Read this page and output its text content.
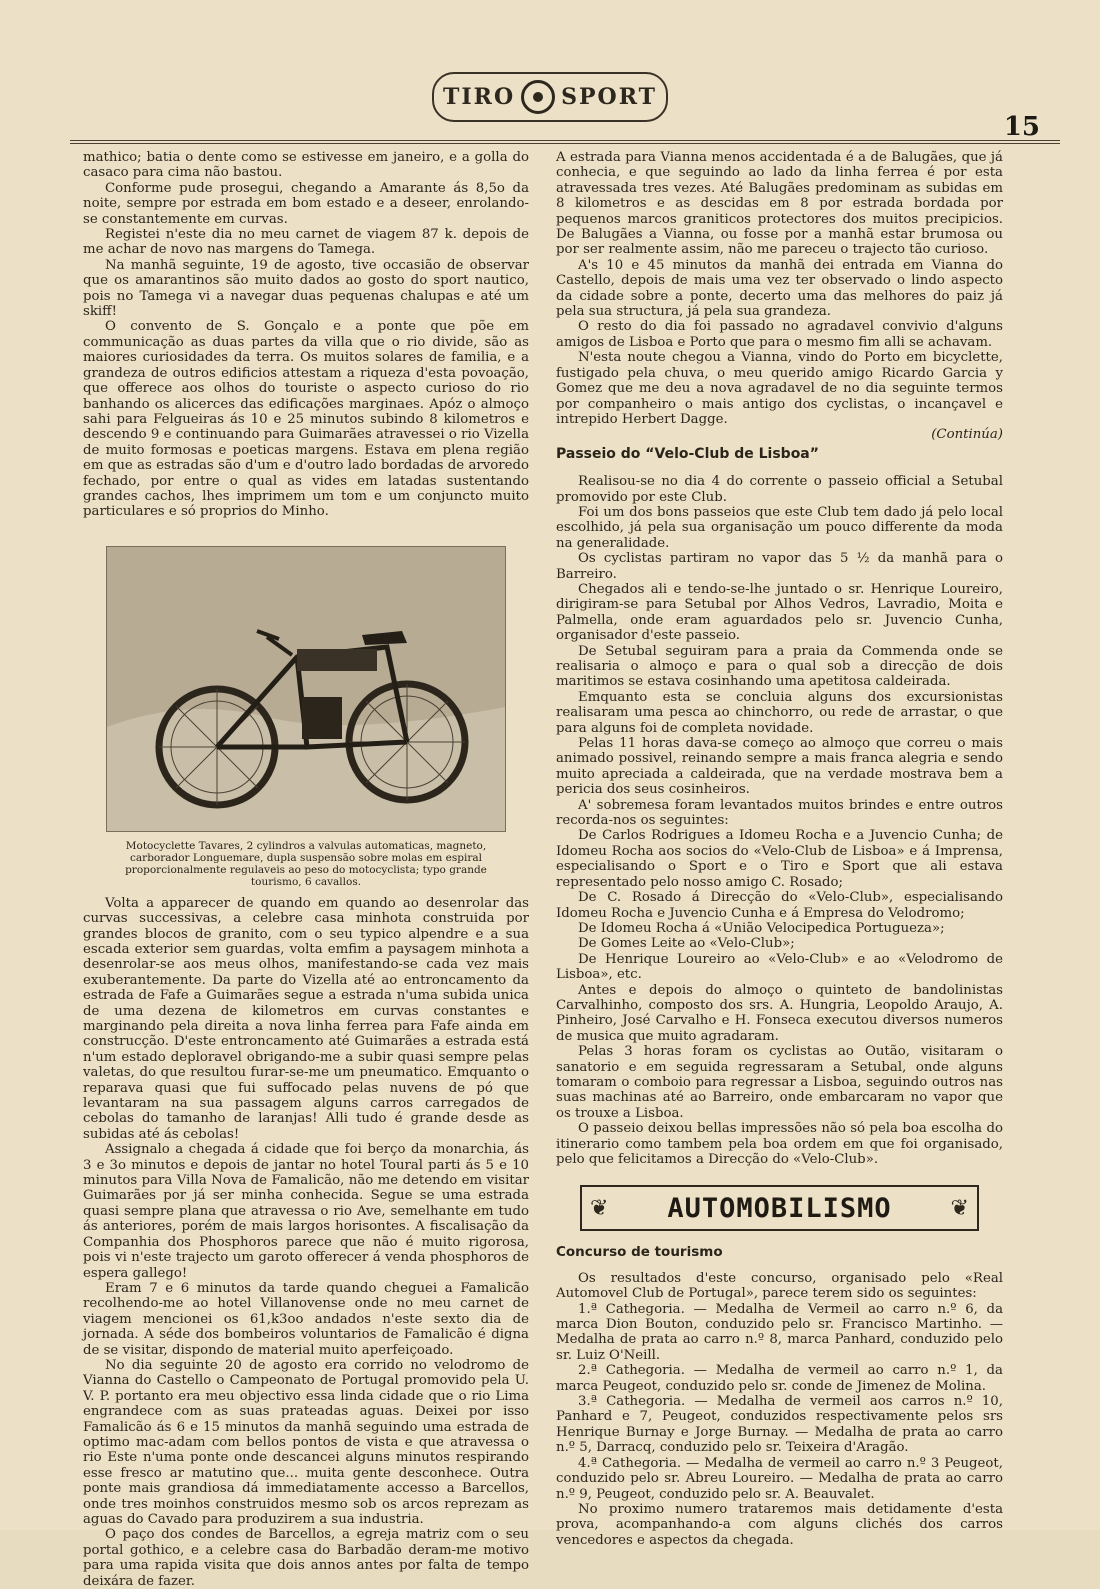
TIRO SPORT
15

mathico; batia o dente como se estivesse em janeiro, e a golla do casaco para cima não bastou.

Conforme pude prosegui, chegando a Amarante ás 8,5o da noite, sempre por estrada em bom estado e a deseer, enrolando-se constantemente em curvas.

Registei n'este dia no meu carnet de viagem 87 k. depois de me achar de novo nas margens do Tamega.

Na manhã seguinte, 19 de agosto, tive occasião de observar que os amarantinos são muito dados ao gosto do sport nautico, pois no Tamega vi a navegar duas pequenas chalupas e até um skiff!

O convento de S. Gonçalo e a ponte que põe em communicação as duas partes da villa que o rio divide, são as maiores curiosidades da terra. Os muitos solares de familia, e a grandeza de outros edificios attestam a riqueza d'esta povoação, que offerece aos olhos do touriste o aspecto curioso do rio banhando os alicerces das edificações marginaes. Apóz o almoço sahi para Felgueiras ás 10 e 25 minutos subindo 8 kilometros e descendo 9 e continuando para Guimarães atravessei o rio Vizella de muito formosas e poeticas margens. Estava em plena região em que as estradas são d'um e d'outro lado bordadas de arvoredo fechado, por entre o qual as vides em latadas sustentando grandes cachos, lhes imprimem um tom e um conjuncto muito particulares e só proprios do Minho.

Motocyclette Tavares, 2 cylindros a valvulas automaticas, magneto, carborador Longuemare, dupla suspensão sobre molas em espiral proporcionalmente regulaveis ao peso do motocyclista; typo grande tourismo, 6 cavallos.

Volta a apparecer de quando em quando ao desenrolar das curvas successivas, a celebre casa minhota construida por grandes blocos de granito, com o seu typico alpendre e a sua escada exterior sem guardas, volta emfim a paysagem minhota a desenrolar-se aos meus olhos, manifestando-se cada vez mais exuberantemente. Da parte do Vizella até ao entroncamento da estrada de Fafe a Guimarães segue a estrada n'uma subida unica de uma dezena de kilometros em curvas constantes e marginando pela direita a nova linha ferrea para Fafe ainda em construcção. D'este entroncamento até Guimarães a estrada está n'um estado deploravel obrigando-me a subir quasi sempre pelas valetas, do que resultou furar-se-me um pneumatico. Emquanto o reparava quasi que fui suffocado pelas nuvens de pó que levantaram na sua passagem alguns carros carregados de cebolas do tamanho de laranjas! Alli tudo é grande desde as subidas até ás cebolas!

Assignalo a chegada á cidade que foi berço da monarchia, ás 3 e 3o minutos e depois de jantar no hotel Toural parti ás 5 e 10 minutos para Villa Nova de Famalicão, não me detendo em visitar Guimarães por já ser minha conhecida. Segue se uma estrada quasi sempre plana que atravessa o rio Ave, semelhante em tudo ás anteriores, porém de mais largos horisontes. A fiscalisação da Companhia dos Phosphoros parece que não é muito rigorosa, pois vi n'este trajecto um garoto offerecer á venda phosphoros de espera gallego!

Eram 7 e 6 minutos da tarde quando cheguei a Famalicão recolhendo-me ao hotel Villanovense onde no meu carnet de viagem mencionei os 61,k3oo andados n'este sexto dia de jornada. A séde dos bombeiros voluntarios de Famalicão é digna de se visitar, dispondo de material muito aperfeiçoado.

No dia seguinte 20 de agosto era corrido no velodromo de Vianna do Castello o Campeonato de Portugal promovido pela U. V. P. portanto era meu objectivo essa linda cidade que o rio Lima engrandece com as suas prateadas aguas. Deixei por isso Famalicão ás 6 e 15 minutos da manhã seguindo uma estrada de optimo mac-adam com bellos pontos de vista e que atravessa o rio Este n'uma ponte onde descancei alguns minutos respirando esse fresco ar matutino que... muita gente desconhece. Outra ponte mais grandiosa dá immediatamente accesso a Barcellos, onde tres moinhos construidos mesmo sob os arcos reprezam as aguas do Cavado para produzirem a sua industria.

O paço dos condes de Barcellos, a egreja matriz com o seu portal gothico, e a celebre casa do Barbadão deram-me motivo para uma rapida visita que dois annos antes por falta de tempo deixára de fazer.

A estrada para Vianna menos accidentada é a de Balugães, que já conhecia, e que seguindo ao lado da linha ferrea é por esta atravessada tres vezes. Até Balugães predominam as subidas em 8 kilometros e as descidas em 8 por estrada bordada por pequenos marcos graniticos protectores dos muitos precipicios. De Balugães a Vianna, ou fosse por a manhã estar brumosa ou por ser realmente assim, não me pareceu o trajecto tão curioso.

A's 10 e 45 minutos da manhã dei entrada em Vianna do Castello, depois de mais uma vez ter observado o lindo aspecto da cidade sobre a ponte, decerto uma das melhores do paiz já pela sua structura, já pela sua grandeza.

O resto do dia foi passado no agradavel convivio d'alguns amigos de Lisboa e Porto que para o mesmo fim alli se achavam.

N'esta noute chegou a Vianna, vindo do Porto em bicyclette, fustigado pela chuva, o meu querido amigo Ricardo Garcia y Gomez que me deu a nova agradavel de no dia seguinte termos por companheiro o mais antigo dos cyclistas, o incançavel e intrepido Herbert Dagge.

(Continúa)

Passeio do “Velo-Club de Lisboa”

Realisou-se no dia 4 do corrente o passeio official a Setubal promovido por este Club.

Foi um dos bons passeios que este Club tem dado já pelo local escolhido, já pela sua organisação um pouco differente da moda na generalidade.

Os cyclistas partiram no vapor das 5 ½ da manhã para o Barreiro.

Chegados ali e tendo-se-lhe juntado o sr. Henrique Loureiro, dirigiram-se para Setubal por Alhos Vedros, Lavradio, Moita e Palmella, onde eram aguardados pelo sr. Juvencio Cunha, organisador d'este passeio.

De Setubal seguiram para a praia da Commenda onde se realisaria o almoço e para o qual sob a direcção de dois maritimos se estava cosinhando uma apetitosa caldeirada.

Emquanto esta se concluia alguns dos excursionistas realisaram uma pesca ao chinchorro, ou rede de arrastar, o que para alguns foi de completa novidade.

Pelas 11 horas dava-se começo ao almoço que correu o mais animado possivel, reinando sempre a mais franca alegria e sendo muito apreciada a caldeirada, que na verdade mostrava bem a pericia dos seus cosinheiros.

A' sobremesa foram levantados muitos brindes e entre outros recorda-nos os seguintes:

De Carlos Rodrigues a Idomeu Rocha e a Juvencio Cunha; de Idomeu Rocha aos socios do «Velo-Club de Lisboa» e á Imprensa, especialisando o Sport e o Tiro e Sport que ali estava representado pelo nosso amigo C. Rosado;

De C. Rosado á Direcção do «Velo-Club», especialisando Idomeu Rocha e Juvencio Cunha e á Empresa do Velodromo;

De Idomeu Rocha á «União Velocipedica Portugueza»;

De Gomes Leite ao «Velo-Club»;

De Henrique Loureiro ao «Velo-Club» e ao «Velodromo de Lisboa», etc.

Antes e depois do almoço o quinteto de bandolinistas Carvalhinho, composto dos srs. A. Hungria, Leopoldo Araujo, A. Pinheiro, José Carvalho e H. Fonseca executou diversos numeros de musica que muito agradaram.

Pelas 3 horas foram os cyclistas ao Outão, visitaram o sanatorio e em seguida regressaram a Setubal, onde alguns tomaram o comboio para regressar a Lisboa, seguindo outros nas suas machinas até ao Barreiro, onde embarcaram no vapor que os trouxe a Lisboa.

O passeio deixou bellas impressões não só pela boa escolha do itinerario como tambem pela boa ordem em que foi organisado, pelo que felicitamos a Direcção do «Velo-Club».

❦ AUTOMOBILISMO	❦
Concurso de tourismo

Os resultados d'este concurso, organisado pelo «Real Automovel Club de Portugal», parece terem sido os seguintes:

1.ª Cathegoria. — Medalha de Vermeil ao carro n.º 6, da marca Dion Bouton, conduzido pelo sr. Francisco Martinho. — Medalha de prata ao carro n.º 8, marca Panhard, conduzido pelo sr. Luiz O'Neill.

2.ª Cathegoria. — Medalha de vermeil ao carro n.º 1, da marca Peugeot, conduzido pelo sr. conde de Jimenez de Molina.

3.ª Cathegoria. — Medalha de vermeil aos carros n.º 10, Panhard e 7, Peugeot, conduzidos respectivamente pelos srs Henrique Burnay e Jorge Burnay. — Medalha de prata ao carro n.º 5, Darracq, conduzido pelo sr. Teixeira d'Aragão.

4.ª Cathegoria. — Medalha de vermeil ao carro n.º 3 Peugeot, conduzido pelo sr. Abreu Loureiro. — Medalha de prata ao carro n.º 9, Peugeot, conduzido pelo sr. A. Beauvalet.

No proximo numero trataremos mais detidamente d'esta prova, acompanhando-a com alguns clichés dos carros vencedores e aspectos da chegada.
